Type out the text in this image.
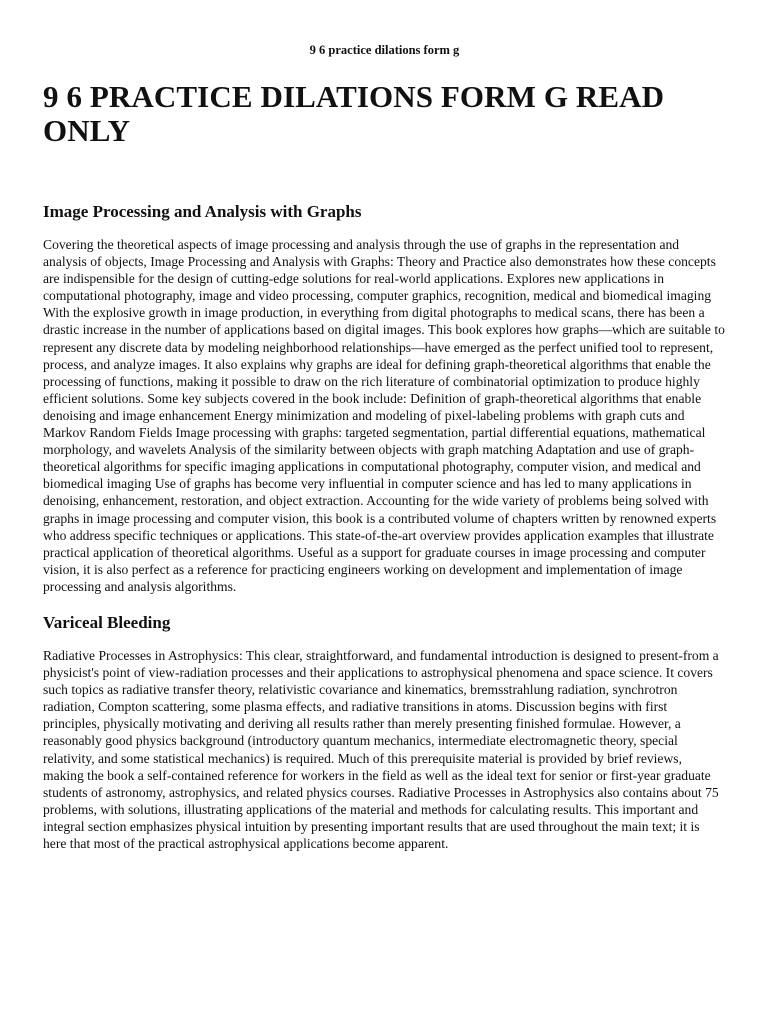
9 6 practice dilations form g
9 6 PRACTICE DILATIONS FORM G READ ONLY
Image Processing and Analysis with Graphs

Covering the theoretical aspects of image processing and analysis through the use of graphs in the representation and analysis of objects, Image Processing and Analysis with Graphs: Theory and Practice also demonstrates how these concepts are indispensible for the design of cutting-edge solutions for real-world applications. Explores new applications in computational photography, image and video processing, computer graphics, recognition, medical and biomedical imaging With the explosive growth in image production, in everything from digital photographs to medical scans, there has been a drastic increase in the number of applications based on digital images. This book explores how graphs—which are suitable to represent any discrete data by modeling neighborhood relationships—have emerged as the perfect unified tool to represent, process, and analyze images. It also explains why graphs are ideal for defining graph-theoretical algorithms that enable the processing of functions, making it possible to draw on the rich literature of combinatorial optimization to produce highly efficient solutions. Some key subjects covered in the book include: Definition of graph-theoretical algorithms that enable denoising and image enhancement Energy minimization and modeling of pixel-labeling problems with graph cuts and Markov Random Fields Image processing with graphs: targeted segmentation, partial differential equations, mathematical morphology, and wavelets Analysis of the similarity between objects with graph matching Adaptation and use of graph-theoretical algorithms for specific imaging applications in computational photography, computer vision, and medical and biomedical imaging Use of graphs has become very influential in computer science and has led to many applications in denoising, enhancement, restoration, and object extraction. Accounting for the wide variety of problems being solved with graphs in image processing and computer vision, this book is a contributed volume of chapters written by renowned experts who address specific techniques or applications. This state-of-the-art overview provides application examples that illustrate practical application of theoretical algorithms. Useful as a support for graduate courses in image processing and computer vision, it is also perfect as a reference for practicing engineers working on development and implementation of image processing and analysis algorithms.

Variceal Bleeding

Radiative Processes in Astrophysics: This clear, straightforward, and fundamental introduction is designed to present-from a physicist's point of view-radiation processes and their applications to astrophysical phenomena and space science. It covers such topics as radiative transfer theory, relativistic covariance and kinematics, bremsstrahlung radiation, synchrotron radiation, Compton scattering, some plasma effects, and radiative transitions in atoms. Discussion begins with first principles, physically motivating and deriving all results rather than merely presenting finished formulae. However, a reasonably good physics background (introductory quantum mechanics, intermediate electromagnetic theory, special relativity, and some statistical mechanics) is required. Much of this prerequisite material is provided by brief reviews, making the book a self-contained reference for workers in the field as well as the ideal text for senior or first-year graduate students of astronomy, astrophysics, and related physics courses. Radiative Processes in Astrophysics also contains about 75 problems, with solutions, illustrating applications of the material and methods for calculating results. This important and integral section emphasizes physical intuition by presenting important results that are used throughout the main text; it is here that most of the practical astrophysical applications become apparent.
